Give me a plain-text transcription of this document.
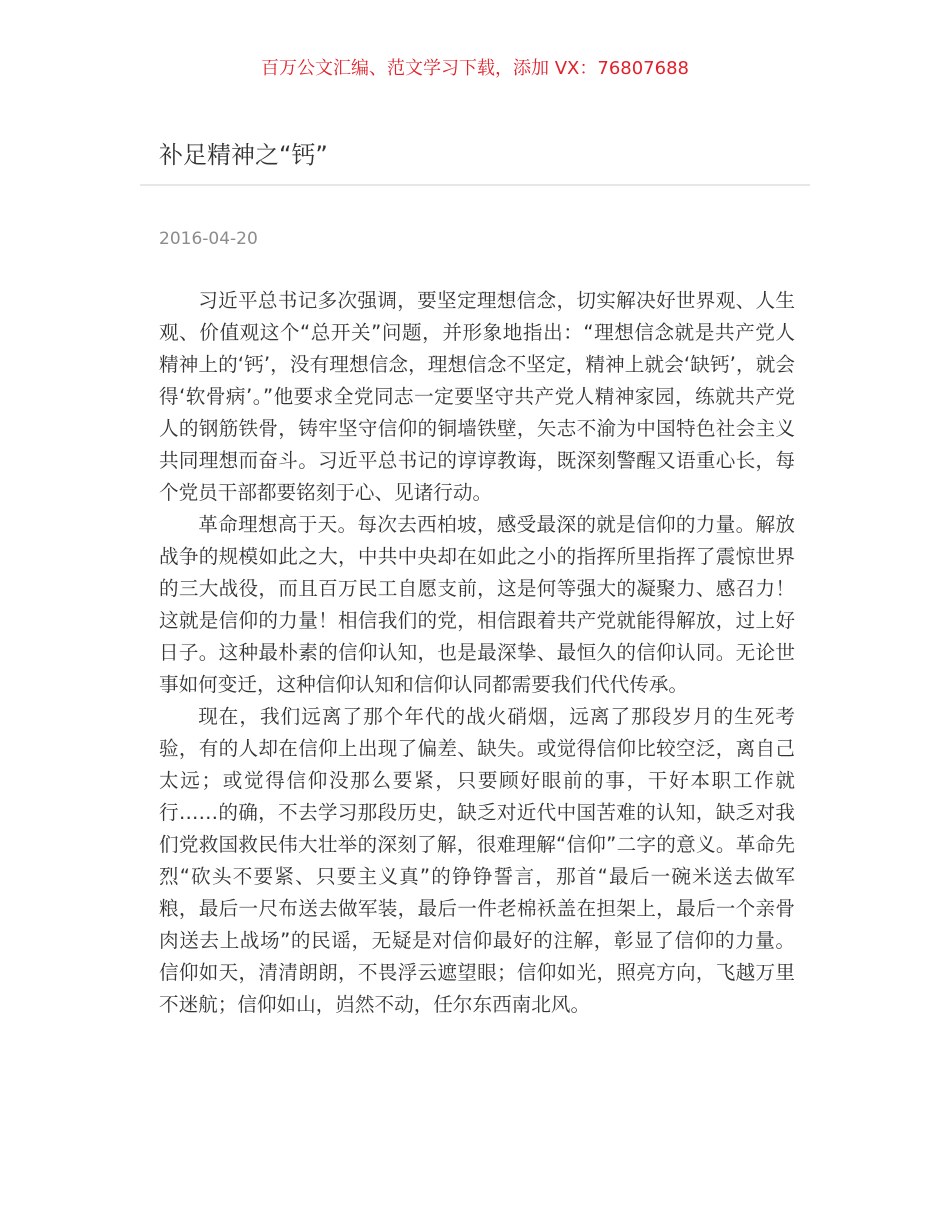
百万公文汇编、范文学习下载，添加 VX：76807688
补足精神之“钙”
2016-04-20

习近平总书记多次强调，要坚定理想信念，切实解决好世界观、人生观、价值观这个“总开关”问题，并形象地指出：“理想信念就是共产党人精神上的‘钙’，没有理想信念，理想信念不坚定，精神上就会‘缺钙’，就会得‘软骨病’。”他要求全党同志一定要坚守共产党人精神家园，练就共产党人的钢筋铁骨，铸牢坚守信仰的铜墙铁壁，矢志不渝为中国特色社会主义共同理想而奋斗。习近平总书记的谆谆教诲，既深刻警醒又语重心长，每个党员干部都要铭刻于心、见诸行动。

革命理想高于天。每次去西柏坡，感受最深的就是信仰的力量。解放战争的规模如此之大，中共中央却在如此之小的指挥所里指挥了震惊世界的三大战役，而且百万民工自愿支前，这是何等强大的凝聚力、感召力！这就是信仰的力量！相信我们的党，相信跟着共产党就能得解放，过上好日子。这种最朴素的信仰认知，也是最深挚、最恒久的信仰认同。无论世事如何变迁，这种信仰认知和信仰认同都需要我们代代传承。

现在，我们远离了那个年代的战火硝烟，远离了那段岁月的生死考验，有的人却在信仰上出现了偏差、缺失。或觉得信仰比较空泛，离自己太远；或觉得信仰没那么要紧，只要顾好眼前的事，干好本职工作就行……的确，不去学习那段历史，缺乏对近代中国苦难的认知，缺乏对我们党救国救民伟大壮举的深刻了解，很难理解“信仰”二字的意义。革命先烈“砍头不要紧、只要主义真”的铮铮誓言，那首“最后一碗米送去做军粮，最后一尺布送去做军装，最后一件老棉袄盖在担架上，最后一个亲骨肉送去上战场”的民谣，无疑是对信仰最好的注解，彰显了信仰的力量。信仰如天，清清朗朗，不畏浮云遮望眼；信仰如光，照亮方向，飞越万里不迷航；信仰如山，岿然不动，任尔东西南北风。
